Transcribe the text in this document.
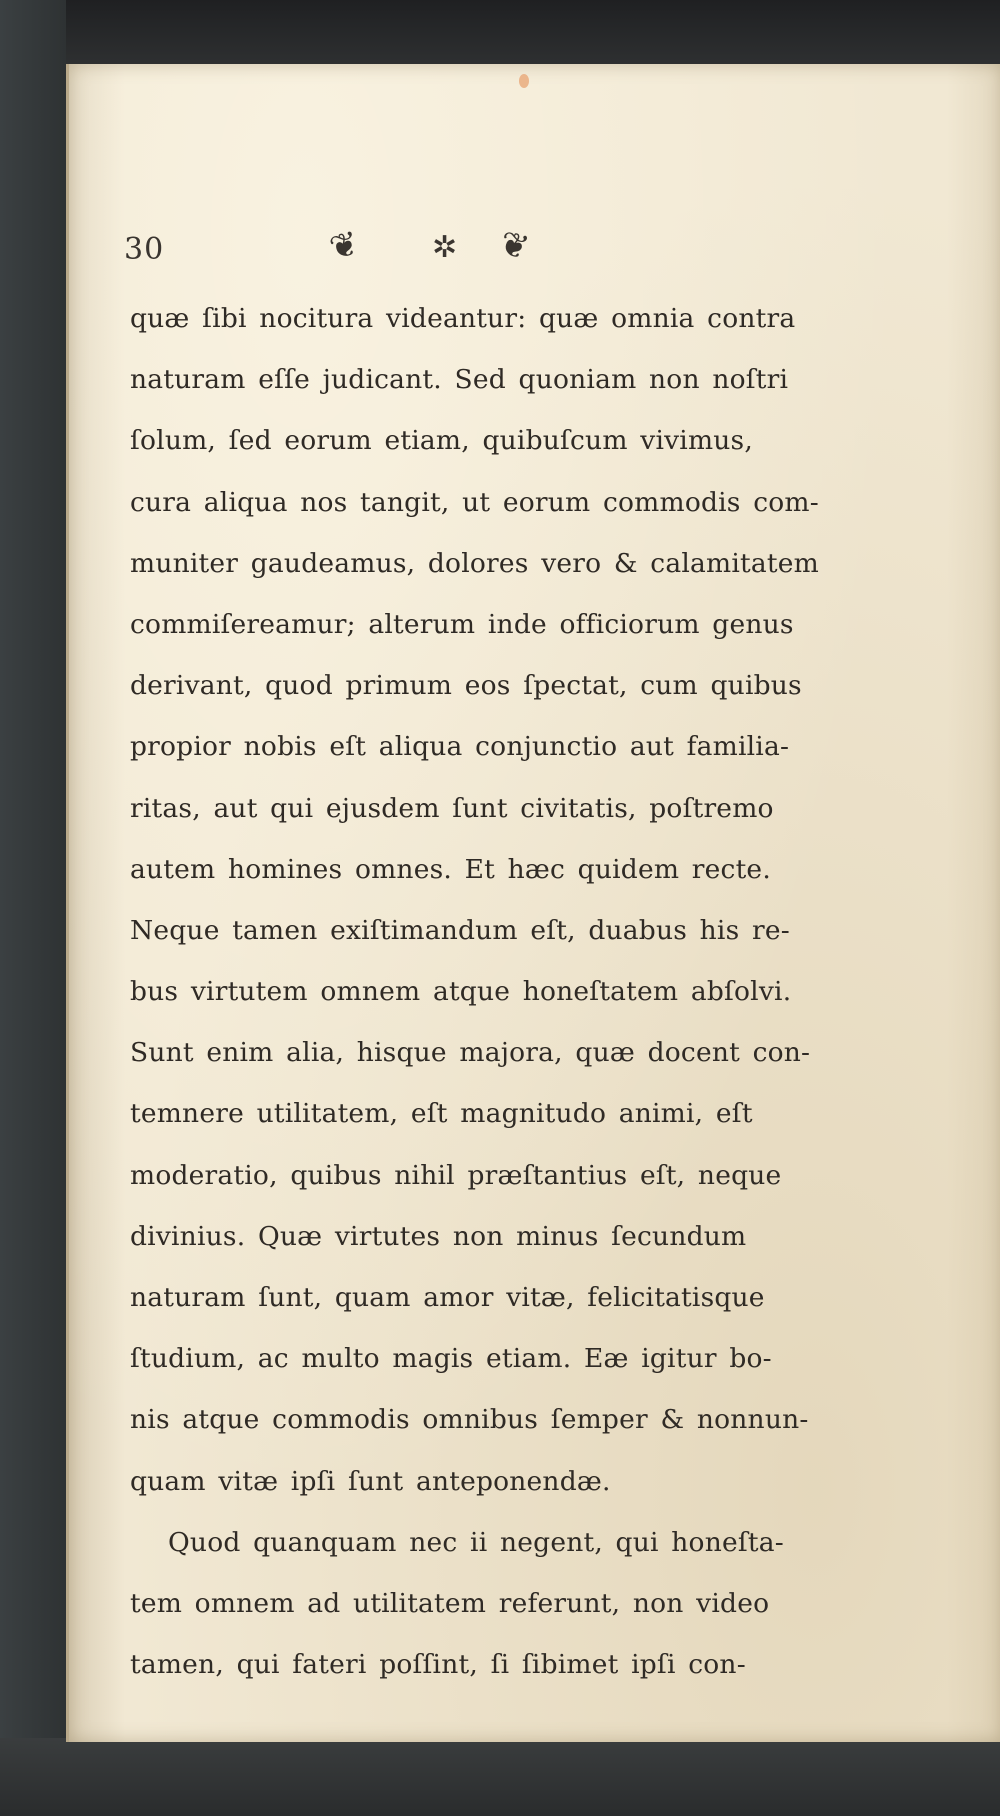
30	❦ ✲ ❦
quæ ſibi nocitura videantur: quæ omnia contra
naturam eſſe judicant. Sed quoniam non noſtri
ſolum, ſed eorum etiam, quibuſcum vivimus,
cura aliqua nos tangit, ut eorum commodis com-
muniter gaudeamus, dolores vero & calamitatem
commiſereamur; alterum inde officiorum genus
derivant, quod primum eos ſpectat, cum quibus
propior nobis eſt aliqua conjunctio aut familia-
ritas, aut qui ejusdem ſunt civitatis, poſtremo
autem homines omnes. Et hæc quidem recte.
Neque tamen exiſtimandum eſt, duabus his re-
bus virtutem omnem atque honeſtatem abſolvi.
Sunt enim alia, hisque majora, quæ docent con-
temnere utilitatem, eſt magnitudo animi, eſt
moderatio, quibus nihil præſtantius eſt, neque
divinius. Quæ virtutes non minus ſecundum
naturam ſunt, quam amor vitæ, felicitatisque
ſtudium, ac multo magis etiam. Eæ igitur bo-
nis atque commodis omnibus ſemper & nonnun-
quam vitæ ipſi ſunt anteponendæ.
Quod quanquam nec ii negent, qui honeſta-
tem omnem ad utilitatem referunt, non video
tamen, qui fateri poſſint, ſi ſibimet ipſi con-
